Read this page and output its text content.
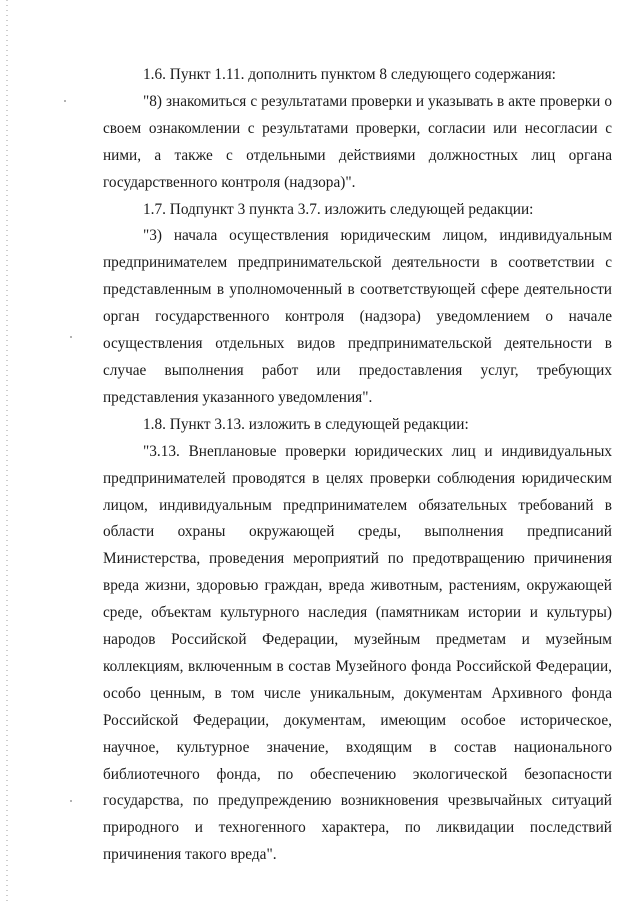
1.6. Пункт 1.11. дополнить пунктом 8 следующего содержания:

"8) знакомиться с результатами проверки и указывать в акте проверки о своем ознакомлении с результатами проверки, согласии или несогласии с ними, а также с отдельными действиями должностных лиц органа государственного контроля (надзора)".

1.7. Подпункт 3 пункта 3.7. изложить следующей редакции:

"3) начала осуществления юридическим лицом, индивидуальным предпринимателем предпринимательской деятельности в соответствии с представленным в уполномоченный в соответствующей сфере деятельности орган государственного контроля (надзора) уведомлением о начале осуществления отдельных видов предпринимательской деятельности в случае выполнения работ или предоставления услуг, требующих представления указанного уведомления".

1.8. Пункт 3.13. изложить в следующей редакции:

"3.13. Внеплановые проверки юридических лиц и индивидуальных предпринимателей проводятся в целях проверки соблюдения юридическим лицом, индивидуальным предпринимателем обязательных требований в области охраны окружающей среды, выполнения предписаний Министерства, проведения мероприятий по предотвращению причинения вреда жизни, здоровью граждан, вреда животным, растениям, окружающей среде, объектам культурного наследия (памятникам истории и культуры) народов Российской Федерации, музейным предметам и музейным коллекциям, включенным в состав Музейного фонда Российской Федерации, особо ценным, в том числе уникальным, документам Архивного фонда Российской Федерации, документам, имеющим особое историческое, научное, культурное значение, входящим в состав национального библиотечного фонда, по обеспечению экологической безопасности государства, по предупреждению возникновения чрезвычайных ситуаций природного и техногенного характера, по ликвидации последствий причинения такого вреда".
